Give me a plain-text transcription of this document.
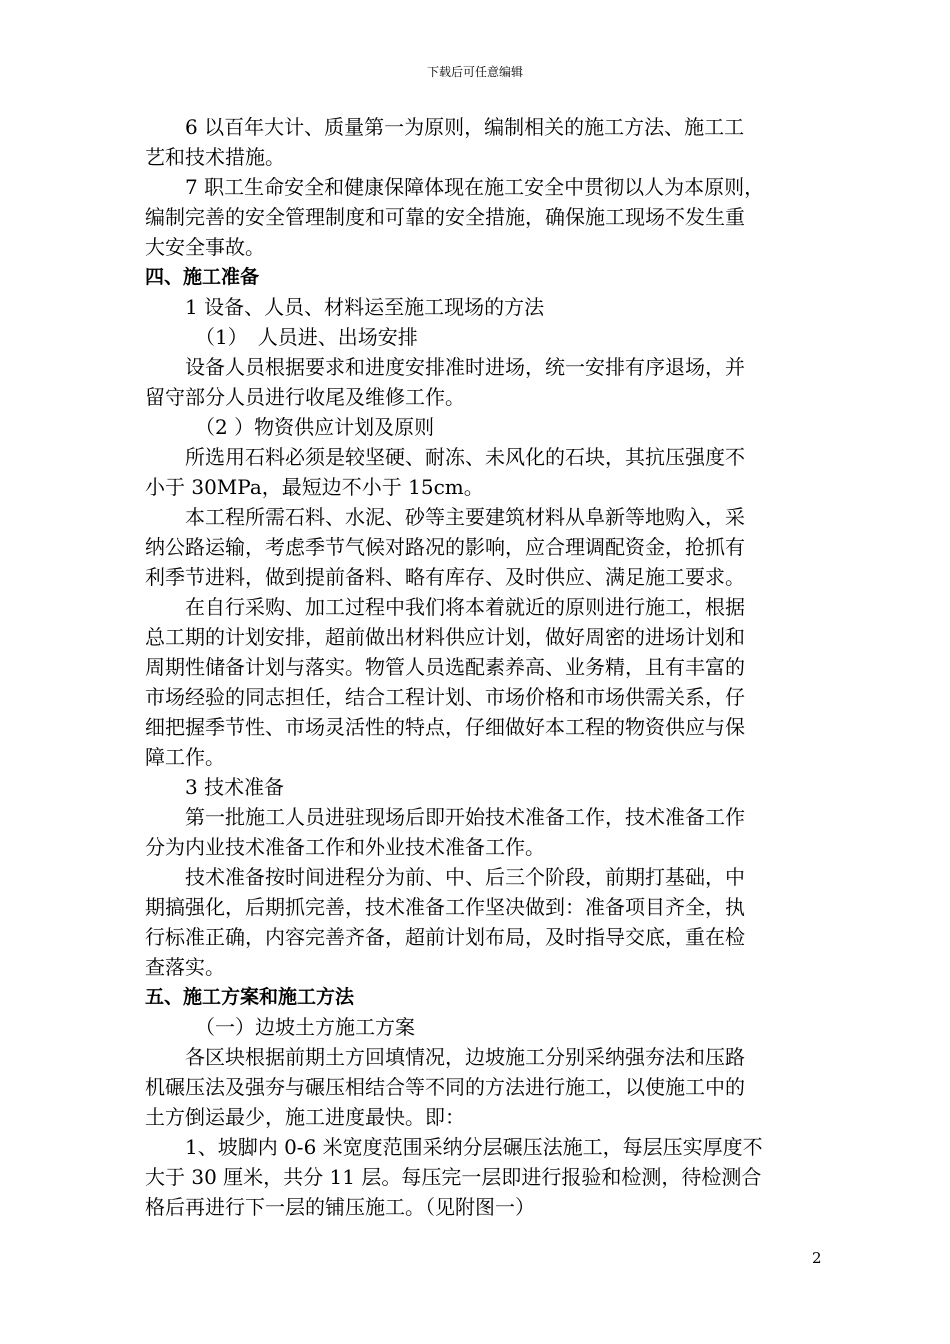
下载后可任意编辑
6 以百年大计、质量第一为原则，编制相关的施工方法、施工工
艺和技术措施。
7 职工生命安全和健康保障体现在施工安全中贯彻以人为本原则，
编制完善的安全管理制度和可靠的安全措施，确保施工现场不发生重
大安全事故。
四、施工准备
1 设备、人员、材料运至施工现场的方法
（1）　人员进、出场安排
设备人员根据要求和进度安排准时进场，统一安排有序退场，并
留守部分人员进行收尾及维修工作。
（2 ）物资供应计划及原则
所选用石料必须是较坚硬、耐冻、未风化的石块，其抗压强度不
小于 30MPa，最短边不小于 15cm。
本工程所需石料、水泥、砂等主要建筑材料从阜新等地购入，采
纳公路运输，考虑季节气候对路况的影响，应合理调配资金，抢抓有
利季节进料，做到提前备料、略有库存、及时供应、满足施工要求。
在自行采购、加工过程中我们将本着就近的原则进行施工，根据
总工期的计划安排，超前做出材料供应计划，做好周密的进场计划和
周期性储备计划与落实。物管人员选配素养高、业务精，且有丰富的
市场经验的同志担任，结合工程计划、市场价格和市场供需关系，仔
细把握季节性、市场灵活性的特点，仔细做好本工程的物资供应与保
障工作。
3 技术准备
第一批施工人员进驻现场后即开始技术准备工作，技术准备工作
分为内业技术准备工作和外业技术准备工作。
技术准备按时间进程分为前、中、后三个阶段，前期打基础，中
期搞强化，后期抓完善，技术准备工作坚决做到：准备项目齐全，执
行标准正确，内容完善齐备，超前计划布局，及时指导交底，重在检
查落实。
五、施工方案和施工方法
（一）边坡土方施工方案
各区块根据前期土方回填情况，边坡施工分别采纳强夯法和压路
机碾压法及强夯与碾压相结合等不同的方法进行施工，以使施工中的
土方倒运最少，施工进度最快。即：
1、坡脚内 0-6 米宽度范围采纳分层碾压法施工，每层压实厚度不
大于 30 厘米，共分 11 层。每压完一层即进行报验和检测，待检测合
格后再进行下一层的铺压施工。（见附图一）
2
